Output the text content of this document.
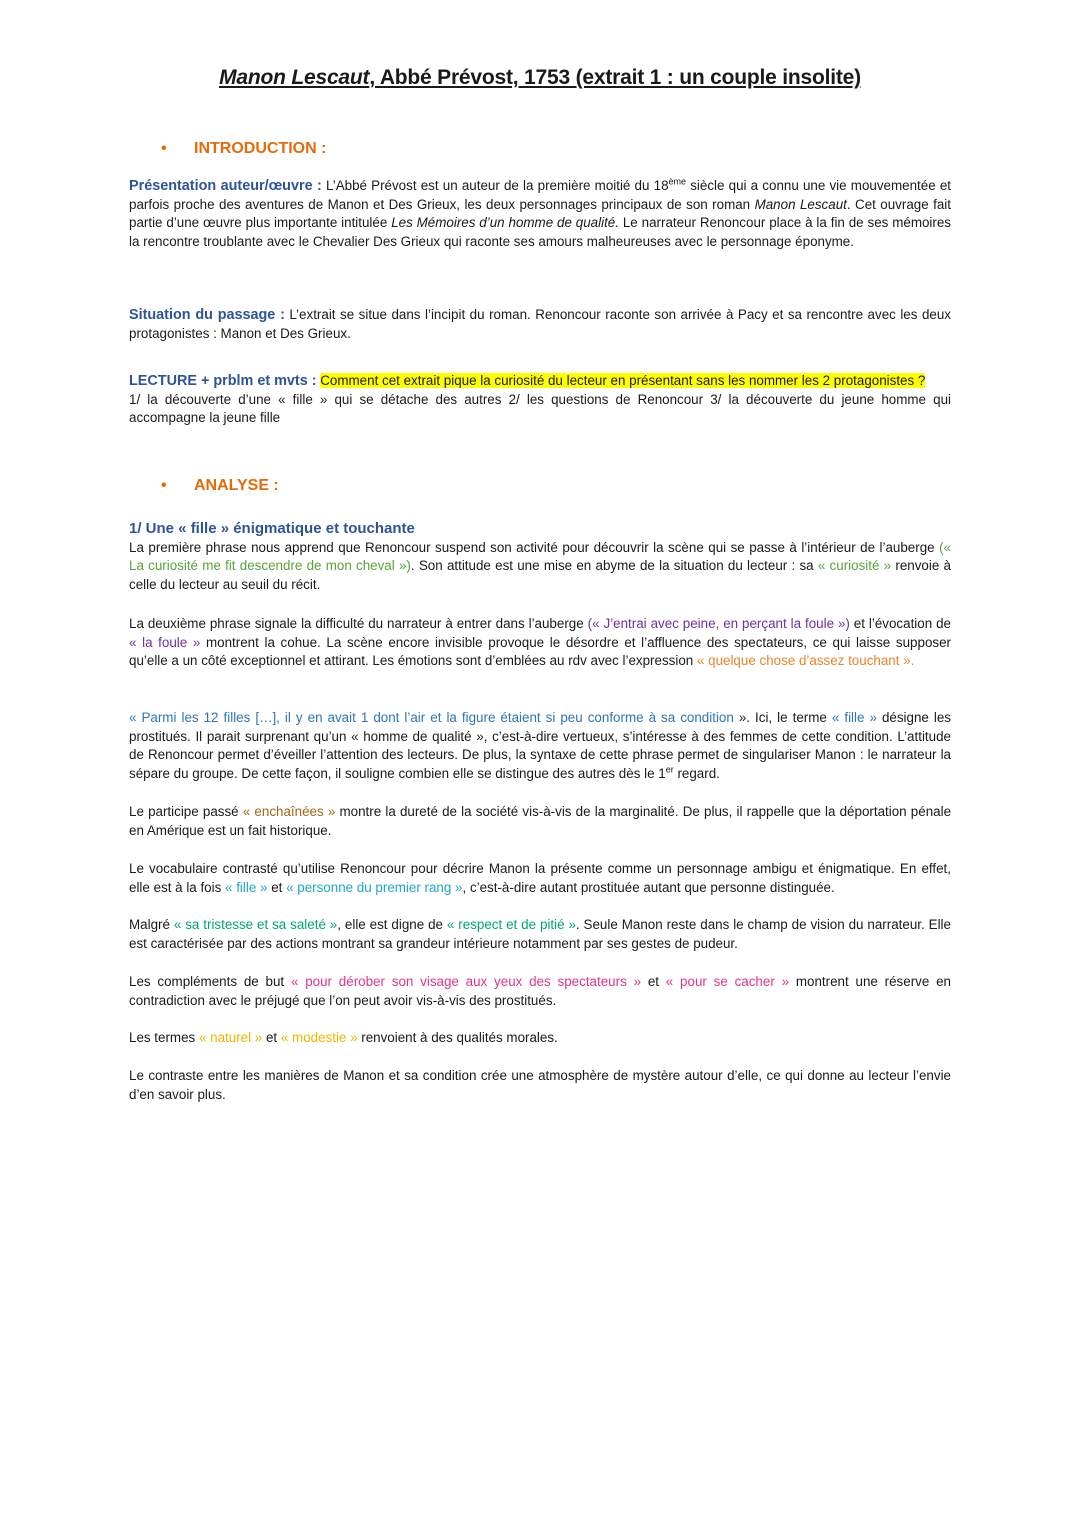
Manon Lescaut, Abbé Prévost, 1753 (extrait 1 : un couple insolite)
• INTRODUCTION :
Présentation auteur/œuvre : L’Abbé Prévost est un auteur de la première moitié du 18ème siècle qui a connu une vie mouvementée et parfois proche des aventures de Manon et Des Grieux, les deux personnages principaux de son roman Manon Lescaut. Cet ouvrage fait partie d’une œuvre plus importante intitulée Les Mémoires d’un homme de qualité. Le narrateur Renoncour place à la fin de ses mémoires la rencontre troublante avec le Chevalier Des Grieux qui raconte ses amours malheureuses avec le personnage éponyme.
Situation du passage : L’extrait se situe dans l’incipit du roman. Renoncour raconte son arrivée à Pacy et sa rencontre avec les deux protagonistes : Manon et Des Grieux.
LECTURE + prblm et mvts : Comment cet extrait pique la curiosité du lecteur en présentant sans les nommer les 2 protagonistes ?
1/ la découverte d’une « fille » qui se détache des autres 2/ les questions de Renoncour 3/ la découverte du jeune homme qui accompagne la jeune fille
• ANALYSE :
1/ Une « fille » énigmatique et touchante
La première phrase nous apprend que Renoncour suspend son activité pour découvrir la scène qui se passe à l’intérieur de l’auberge (« La curiosité me fit descendre de mon cheval »). Son attitude est une mise en abyme de la situation du lecteur : sa « curiosité » renvoie à celle du lecteur au seuil du récit.
La deuxième phrase signale la difficulté du narrateur à entrer dans l’auberge (« J’entrai avec peine, en perçant la foule ») et l’évocation de « la foule » montrent la cohue. La scène encore invisible provoque le désordre et l’affluence des spectateurs, ce qui laisse supposer qu’elle a un côté exceptionnel et attirant. Les émotions sont d’emblées au rdv avec l’expression « quelque chose d’assez touchant ».
« Parmi les 12 filles […], il y en avait 1 dont l’air et la figure étaient si peu conforme à sa condition ». Ici, le terme « fille » désigne les prostitués. Il parait surprenant qu’un « homme de qualité », c’est-à-dire vertueux, s’intéresse à des femmes de cette condition. L’attitude de Renoncour permet d’éveiller l’attention des lecteurs. De plus, la syntaxe de cette phrase permet de singulariser Manon : le narrateur la sépare du groupe. De cette façon, il souligne combien elle se distingue des autres dès le 1er regard.
Le participe passé « enchaînées » montre la dureté de la société vis-à-vis de la marginalité. De plus, il rappelle que la déportation pénale en Amérique est un fait historique.
Le vocabulaire contrasté qu’utilise Renoncour pour décrire Manon la présente comme un personnage ambigu et énigmatique. En effet, elle est à la fois « fille » et « personne du premier rang », c’est-à-dire autant prostituée autant que personne distinguée.
Malgré « sa tristesse et sa saleté », elle est digne de « respect et de pitié ». Seule Manon reste dans le champ de vision du narrateur. Elle est caractérisée par des actions montrant sa grandeur intérieure notamment par ses gestes de pudeur.
Les compléments de but « pour dérober son visage aux yeux des spectateurs » et « pour se cacher » montrent une réserve en contradiction avec le préjugé que l’on peut avoir vis-à-vis des prostitués.
Les termes « naturel » et « modestie » renvoient à des qualités morales.
Le contraste entre les manières de Manon et sa condition crée une atmosphère de mystère autour d’elle, ce qui donne au lecteur l’envie d’en savoir plus.
